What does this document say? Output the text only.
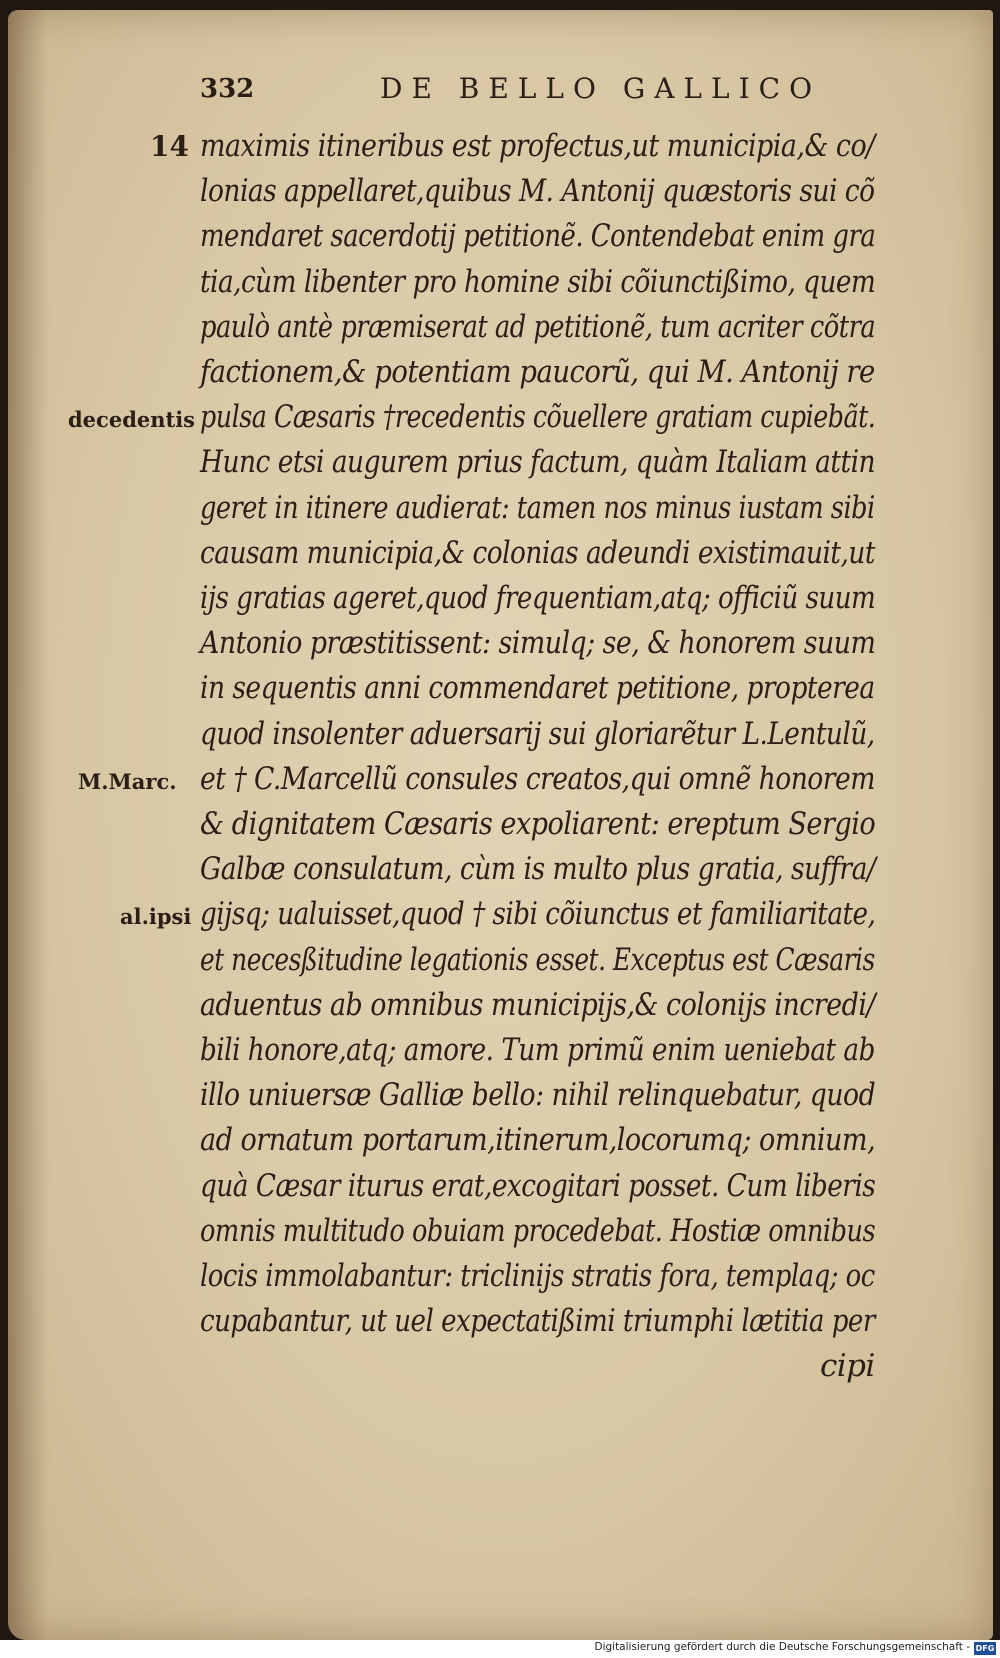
332	DE BELLO GALLICO
14 maximis itineribus est profectus,ut municipia,& co/
lonias appellaret,quibus M. Antonij quæstoris sui cõ
mendaret sacerdotij petitionẽ. Contendebat enim gra
tia,cùm libenter pro homine sibi cõiunctißimo, quem
paulò antè præmiserat ad petitionẽ, tum acriter cõtra
factionem,& potentiam paucorũ, qui M. Antonij re
pulsa Cæsaris †recedentis cõuellere gratiam cupiebãt.
Hunc etsi augurem prius factum, quàm Italiam attin
geret in itinere audierat: tamen nos minus iustam sibi
causam municipia,& colonias adeundi existimauit,ut
ijs gratias ageret,quod frequentiam,atq; officiũ suum
Antonio præstitissent: simulq; se, & honorem suum
in sequentis anni commendaret petitione, propterea
quod insolenter aduersarij sui gloriarẽtur L.Lentulũ,
et † C.Marcellũ consules creatos,qui omnẽ honorem
& dignitatem Cæsaris expoliarent: ereptum Sergio
Galbæ consulatum, cùm is multo plus gratia, suffra/
gijsq; ualuisset,quod † sibi cõiunctus et familiaritate,
et necesßitudine legationis esset. Exceptus est Cæsaris
aduentus ab omnibus municipijs,& colonijs incredi/
bili honore,atq; amore. Tum primũ enim ueniebat ab
illo uniuersæ Galliæ bello: nihil relinquebatur, quod
ad ornatum portarum,itinerum,locorumq; omnium,
quà Cæsar iturus erat,excogitari posset. Cum liberis
omnis multitudo obuiam procedebat. Hostiæ omnibus
locis immolabantur: triclinijs stratis fora, templaq; oc
cupabantur, ut uel expectatißimi triumphi lætitia per
decedentis
M.Marc.
al.ipsi
cipi
Digitalisierung gefördert durch die Deutsche Forschungsgemeinschaft - DFG
